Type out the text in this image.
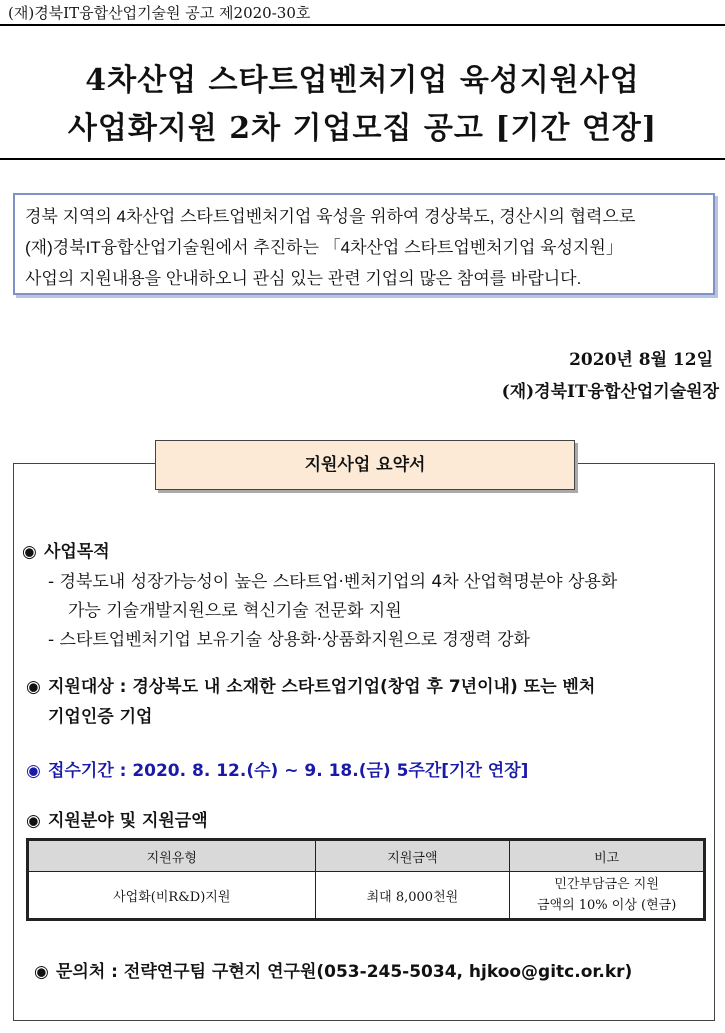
(재)경북IT융합산업기술원 공고 제2020-30호
4차산업 스타트업벤처기업 육성지원사업
사업화지원 2차 기업모집 공고 [기간 연장]
경북 지역의 4차산업 스타트업벤처기업 육성을 위하여 경상북도, 경산시의 협력으로
(재)경북IT융합산업기술원에서 추진하는 「4차산업 스타트업벤처기업 육성지원」
사업의 지원내용을 안내하오니 관심 있는 관련 기업의 많은 참여를 바랍니다.
2020년 8월 12일
(재)경북IT융합산업기술원장
지원사업 요약서
◉ 사업목적
- 경북도내 성장가능성이 높은 스타트업·벤처기업의 4차 산업혁명분야 상용화
가능 기술개발지원으로 혁신기술 전문화 지원
- 스타트업벤처기업 보유기술 상용화·상품화지원으로 경쟁력 강화
◉ 지원대상 : 경상북도 내 소재한 스타트업기업(창업 후 7년이내) 또는 벤처
기업인증 기업
◉ 접수기간 : 2020. 8. 12.(수) ~ 9. 18.(금) 5주간[기간 연장]
◉ 지원분야 및 지원금액
지원유형	지원금액	비고
사업화(비R&D)지원	최대 8,000천원	민간부담금은 지원
금액의 10% 이상 (현금)
◉ 문의처 : 전략연구팀 구현지 연구원(053-245-5034, hjkoo@gitc.or.kr)
